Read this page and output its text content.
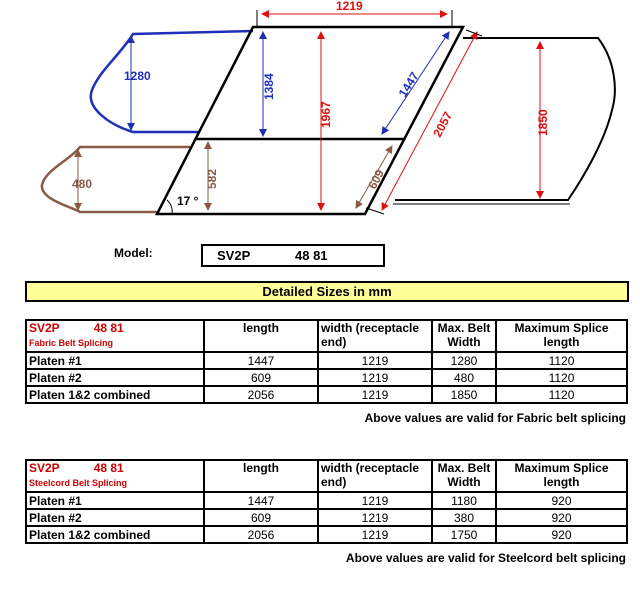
1219
1384
1967
1447
2057	1850
609
582
1280
480
17 °
Model:	SV2P	48 81
Detailed Sizes in mm
SV2P 48 81
Fabric Belt Splicing	length	width (receptacle end)	Max. Belt Width	Maximum Splice length
Platen #1	1447	1219	1280	1120
Platen #2	609	1219	480	1120
Platen 1&2 combined	2056	1219	1850	1120
Above values are valid for Fabric belt splicing
SV2P 48 81
Steelcord Belt Splicing	length	width (receptacle end)	Max. Belt Width	Maximum Splice length
Platen #1	1447	1219	1180	920
Platen #2	609	1219	380	920
Platen 1&2 combined	2056	1219	1750	920
Above values are valid for Steelcord belt splicing
